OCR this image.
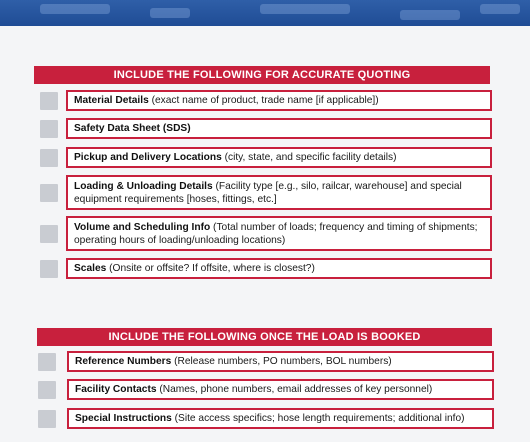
INCLUDE THE FOLLOWING FOR ACCURATE QUOTING
Material Details (exact name of product, trade name [if applicable])
Safety Data Sheet (SDS)
Pickup and Delivery Locations (city, state, and specific facility details)
Loading & Unloading Details (Facility type [e.g., silo, railcar, warehouse] and special equipment requirements [hoses, fittings, etc.]
Volume and Scheduling Info (Total number of loads; frequency and timing of shipments; operating hours of loading/unloading locations)
Scales (Onsite or offsite? If offsite, where is closest?)
INCLUDE THE FOLLOWING ONCE THE LOAD IS BOOKED
Reference Numbers (Release numbers, PO numbers, BOL numbers)
Facility Contacts (Names, phone numbers, email addresses of key personnel)
Special Instructions (Site access specifics; hose length requirements; additional info)
